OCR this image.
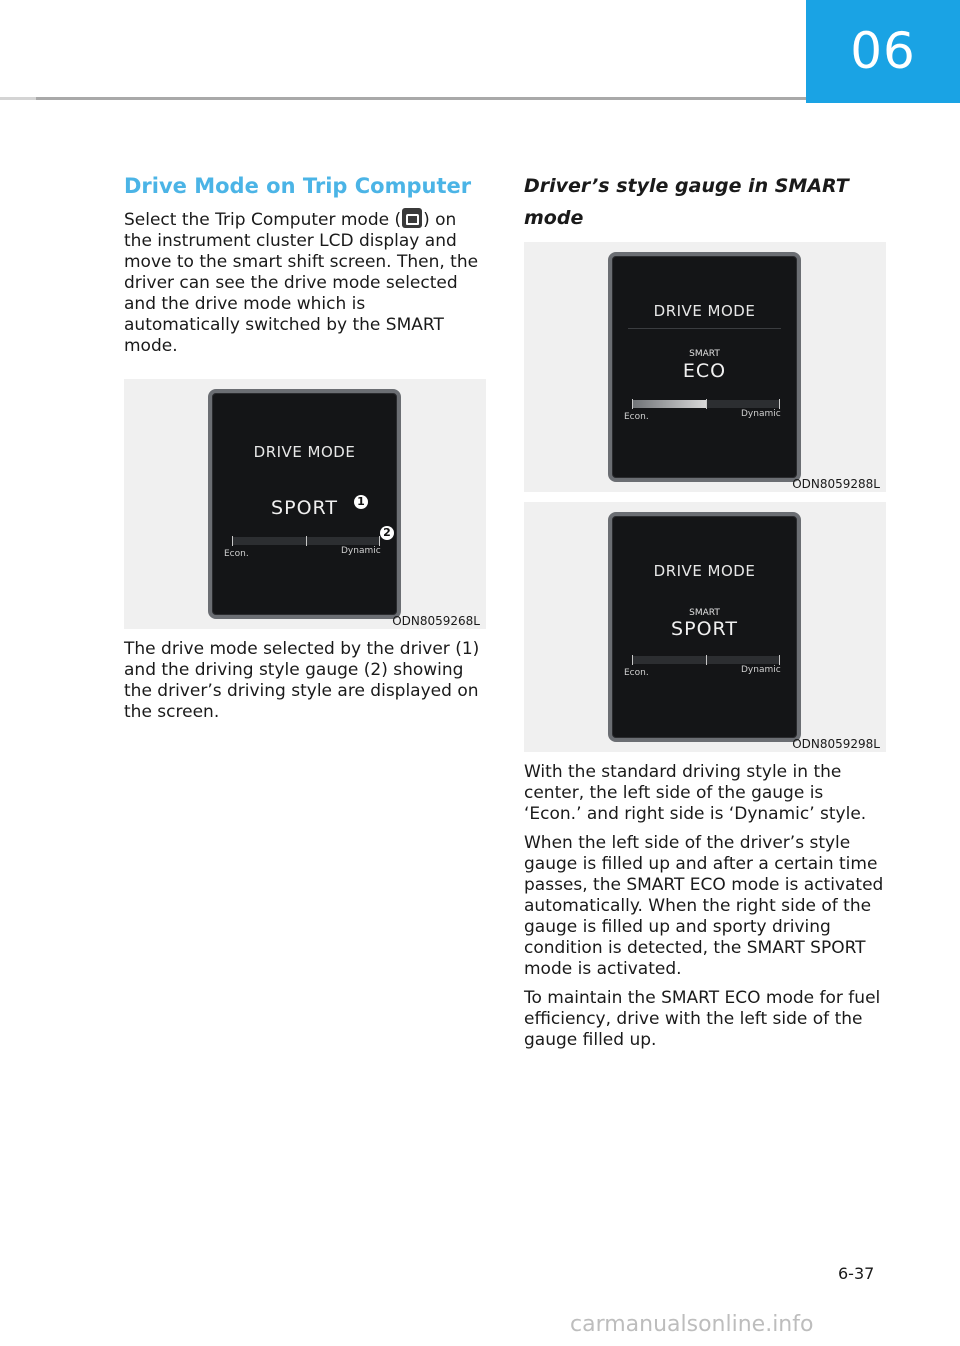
06
Drive Mode on Trip Computer

Select the Trip Computer mode ( ) on the instrument cluster LCD display and move to the smart shift screen. Then, the driver can see the drive mode selected and the drive mode which is automatically switched by the SMART mode.

DRIVE MODE
SPORT	1
2
Econ.	Dynamic
ODN8059268L

The drive mode selected by the driver (1) and the driving style gauge (2) showing the driver’s driving style are displayed on the screen.

Driver’s style gauge in SMART mode
DRIVE MODE
SMART
ECO
Econ.	Dynamic
ODN8059288L
DRIVE MODE
SMART
SPORT
Econ.	Dynamic
ODN8059298L

With the standard driving style in the center, the left side of the gauge is ‘Econ.’ and right side is ‘Dynamic’ style.

When the left side of the driver’s style gauge is filled up and after a certain time passes, the SMART ECO mode is activated automatically. When the right side of the gauge is filled up and sporty driving condition is detected, the SMART SPORT mode is activated.

To maintain the SMART ECO mode for fuel efficiency, drive with the left side of the gauge filled up.

6-37
carmanualsonline.info
